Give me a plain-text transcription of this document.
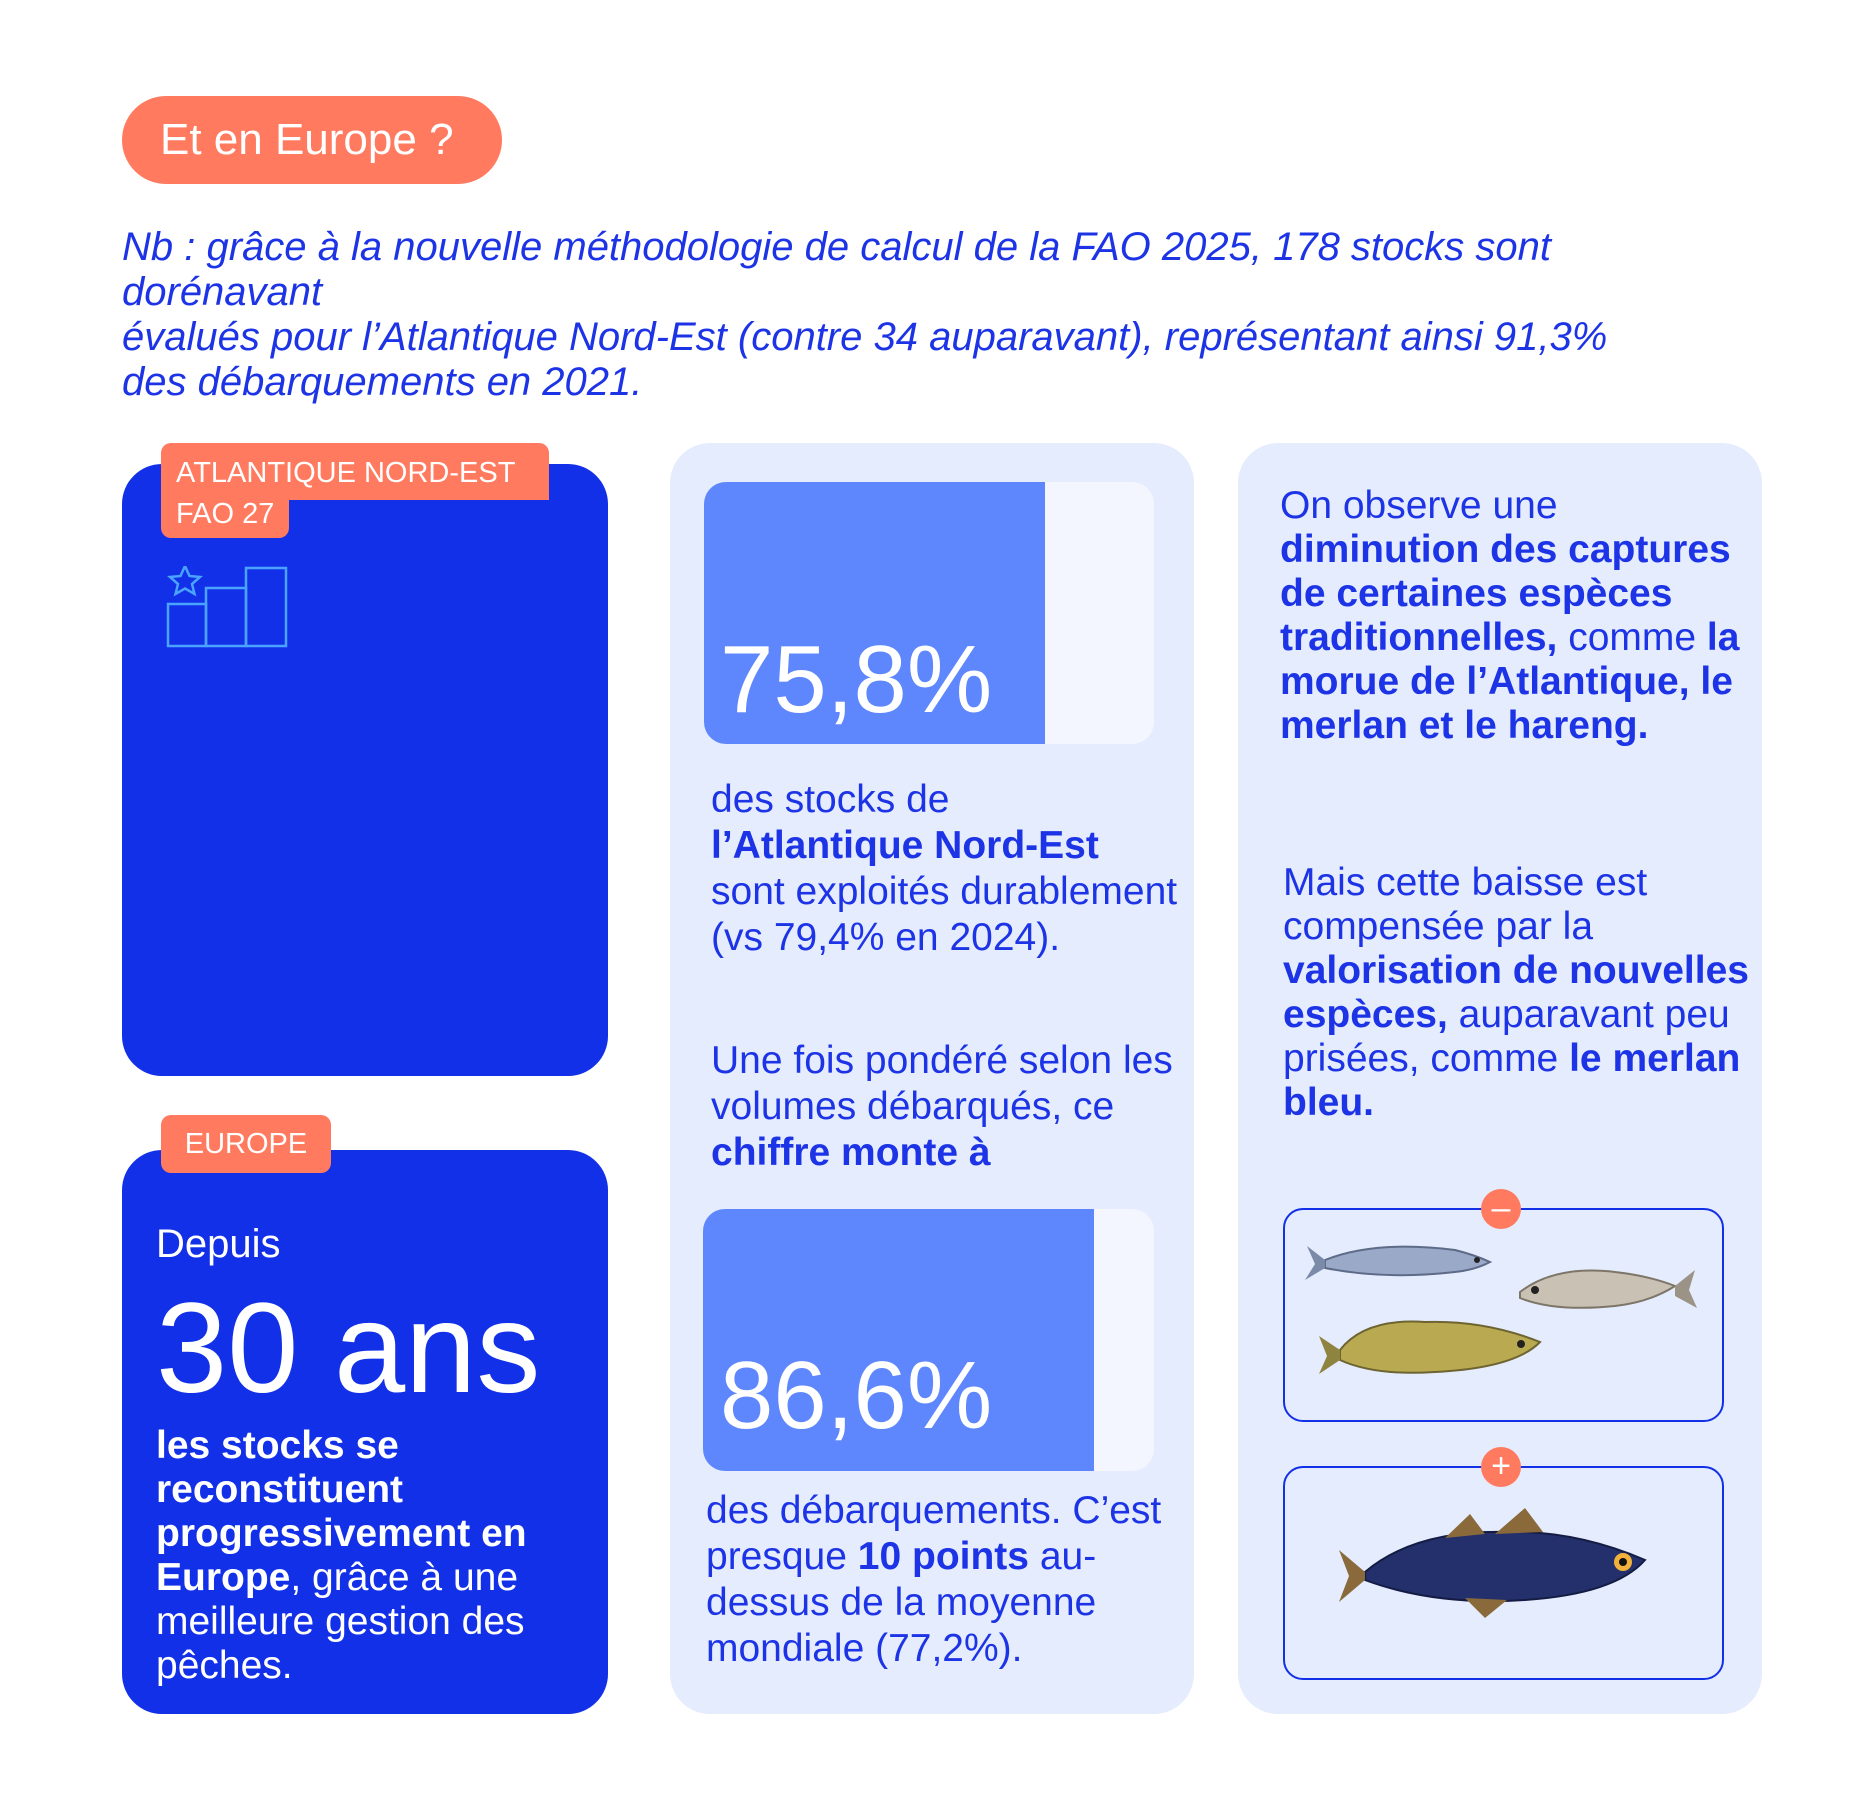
Et en Europe ?
Nb : grâce à la nouvelle méthodologie de calcul de la FAO 2025, 178 stocks sont dorénavant
évalués pour l’Atlantique Nord-Est (contre 34 auparavant), représentant ainsi 91,3%
des débarquements en 2021.
ATLANTIQUE NORD-EST
FAO 27
4 ème
zone de pêche la plus productive au monde : elle représente plus de 10% des captures mondiales.
EUROPE
Depuis
30 ans
les stocks se reconstituent progressivement en Europe, grâce à une meilleure gestion des pêches.
75,8%
des stocks de
l’Atlantique Nord-Est
sont exploités durablement
(vs 79,4% en 2024).
Une fois pondéré selon les volumes débarqués, ce chiffre monte à
86,6%
des débarquements. C’est presque 10 points au-dessus de la moyenne mondiale (77,2%).
On observe une diminution des captures de certaines espèces traditionnelles, comme la morue de l’Atlantique, le merlan et le hareng.
Mais cette baisse est compensée par la valorisation de nouvelles espèces, auparavant peu prisées, comme le merlan bleu.
–
+
